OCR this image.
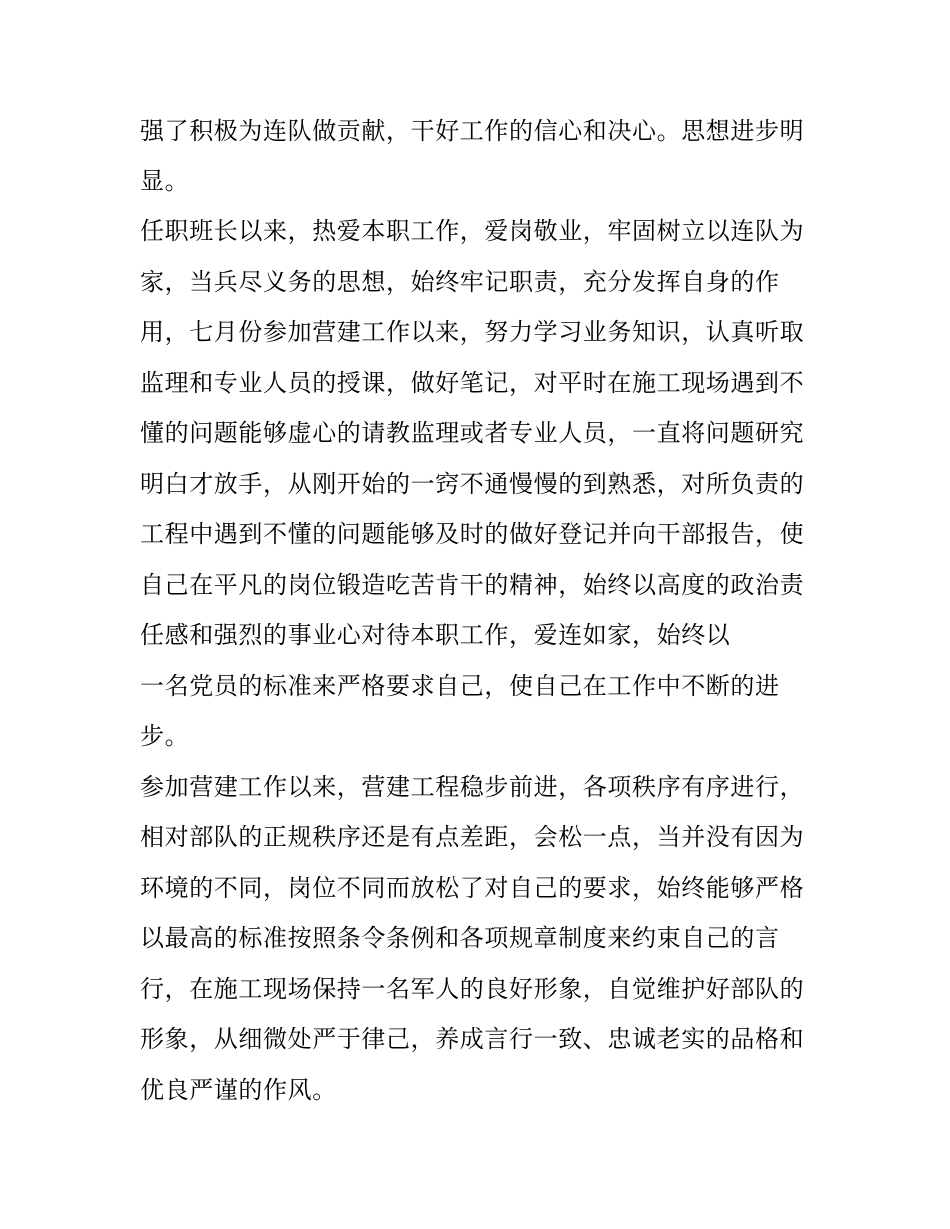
强了积极为连队做贡献，干好工作的信心和决心。思想进步明
显。
任职班长以来，热爱本职工作，爱岗敬业，牢固树立以连队为
家，当兵尽义务的思想，始终牢记职责，充分发挥自身的作
用，七月份参加营建工作以来，努力学习业务知识，认真听取
监理和专业人员的授课，做好笔记，对平时在施工现场遇到不
懂的问题能够虚心的请教监理或者专业人员，一直将问题研究
明白才放手，从刚开始的一窍不通慢慢的到熟悉，对所负责的
工程中遇到不懂的问题能够及时的做好登记并向干部报告，使
自己在平凡的岗位锻造吃苦肯干的精神，始终以高度的政治责
任感和强烈的事业心对待本职工作，爱连如家，始终以
一名党员的标准来严格要求自己，使自己在工作中不断的进
步。
参加营建工作以来，营建工程稳步前进，各项秩序有序进行，
相对部队的正规秩序还是有点差距，会松一点，当并没有因为
环境的不同，岗位不同而放松了对自己的要求，始终能够严格
以最高的标准按照条令条例和各项规章制度来约束自己的言
行，在施工现场保持一名军人的良好形象，自觉维护好部队的
形象，从细微处严于律己，养成言行一致、忠诚老实的品格和
优良严谨的作风。
